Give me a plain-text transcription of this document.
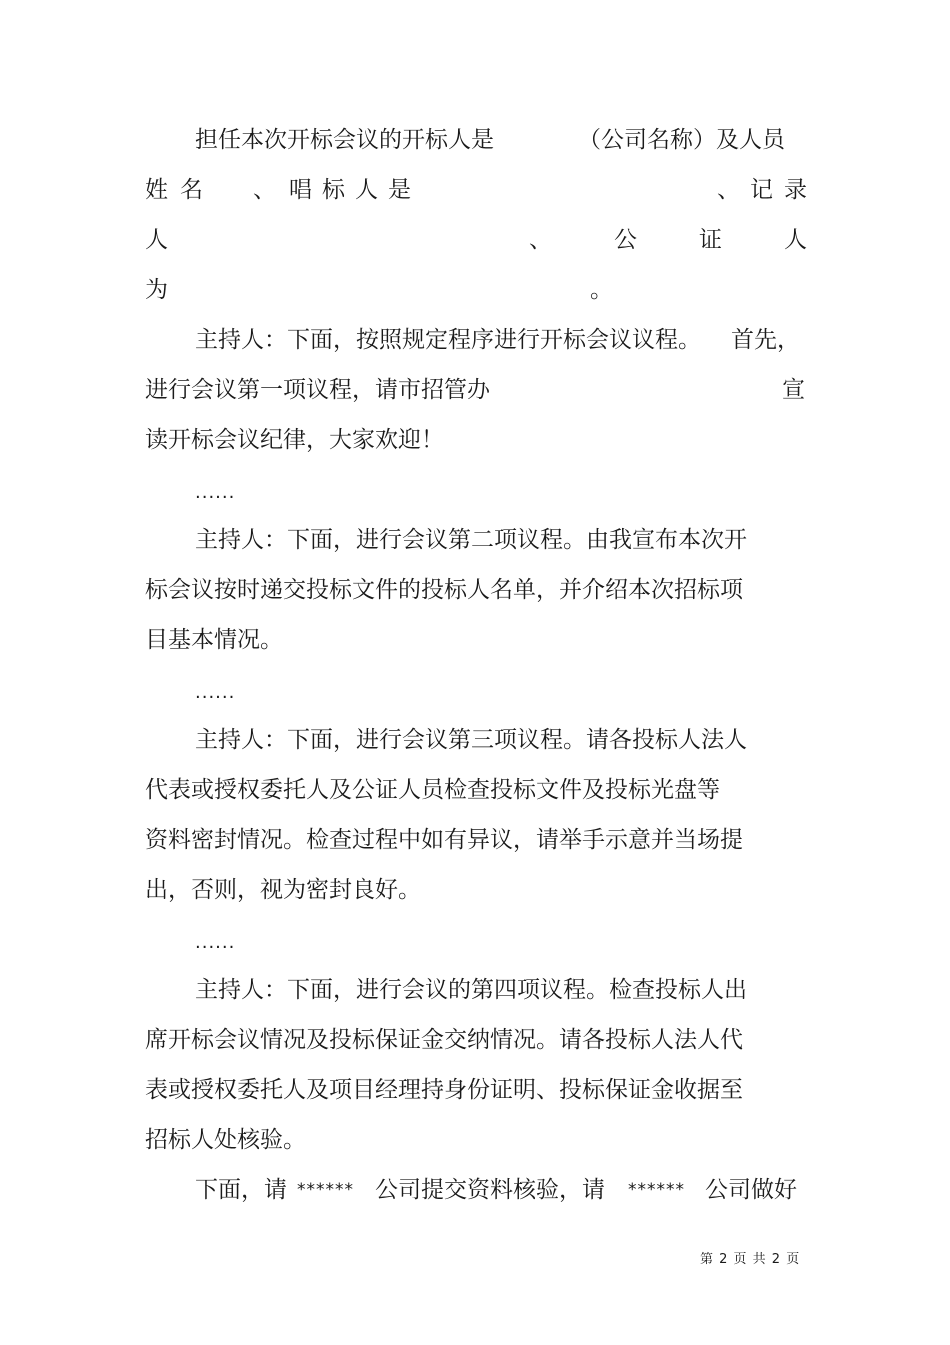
担任本次开标会议的开标人是	（公司名称）及人员
姓 名 、 唱 标 人 是	、 记 录
人	、	公	证	人
为	。
主持人：下面，按照规定程序进行开标会议议程。 首先，
进行会议第一项议程，请市招管办	宣
读开标会议纪律，大家欢迎！
......
主持人：下面，进行会议第二项议程。由我宣布本次开
标会议按时递交投标文件的投标人名单，并介绍本次招标项
目基本情况。
......
主持人：下面，进行会议第三项议程。请各投标人法人
代表或授权委托人及公证人员检查投标文件及投标光盘等
资料密封情况。检查过程中如有异议，请举手示意并当场提
出，否则，视为密封良好。
......
主持人：下面，进行会议的第四项议程。检查投标人出
席开标会议情况及投标保证金交纳情况。请各投标人法人代
表或授权委托人及项目经理持身份证明、投标保证金收据至
招标人处核验。
下面，请 ****** 公司提交资料核验，请 ****** 公司做好
第 2 页 共 2 页
